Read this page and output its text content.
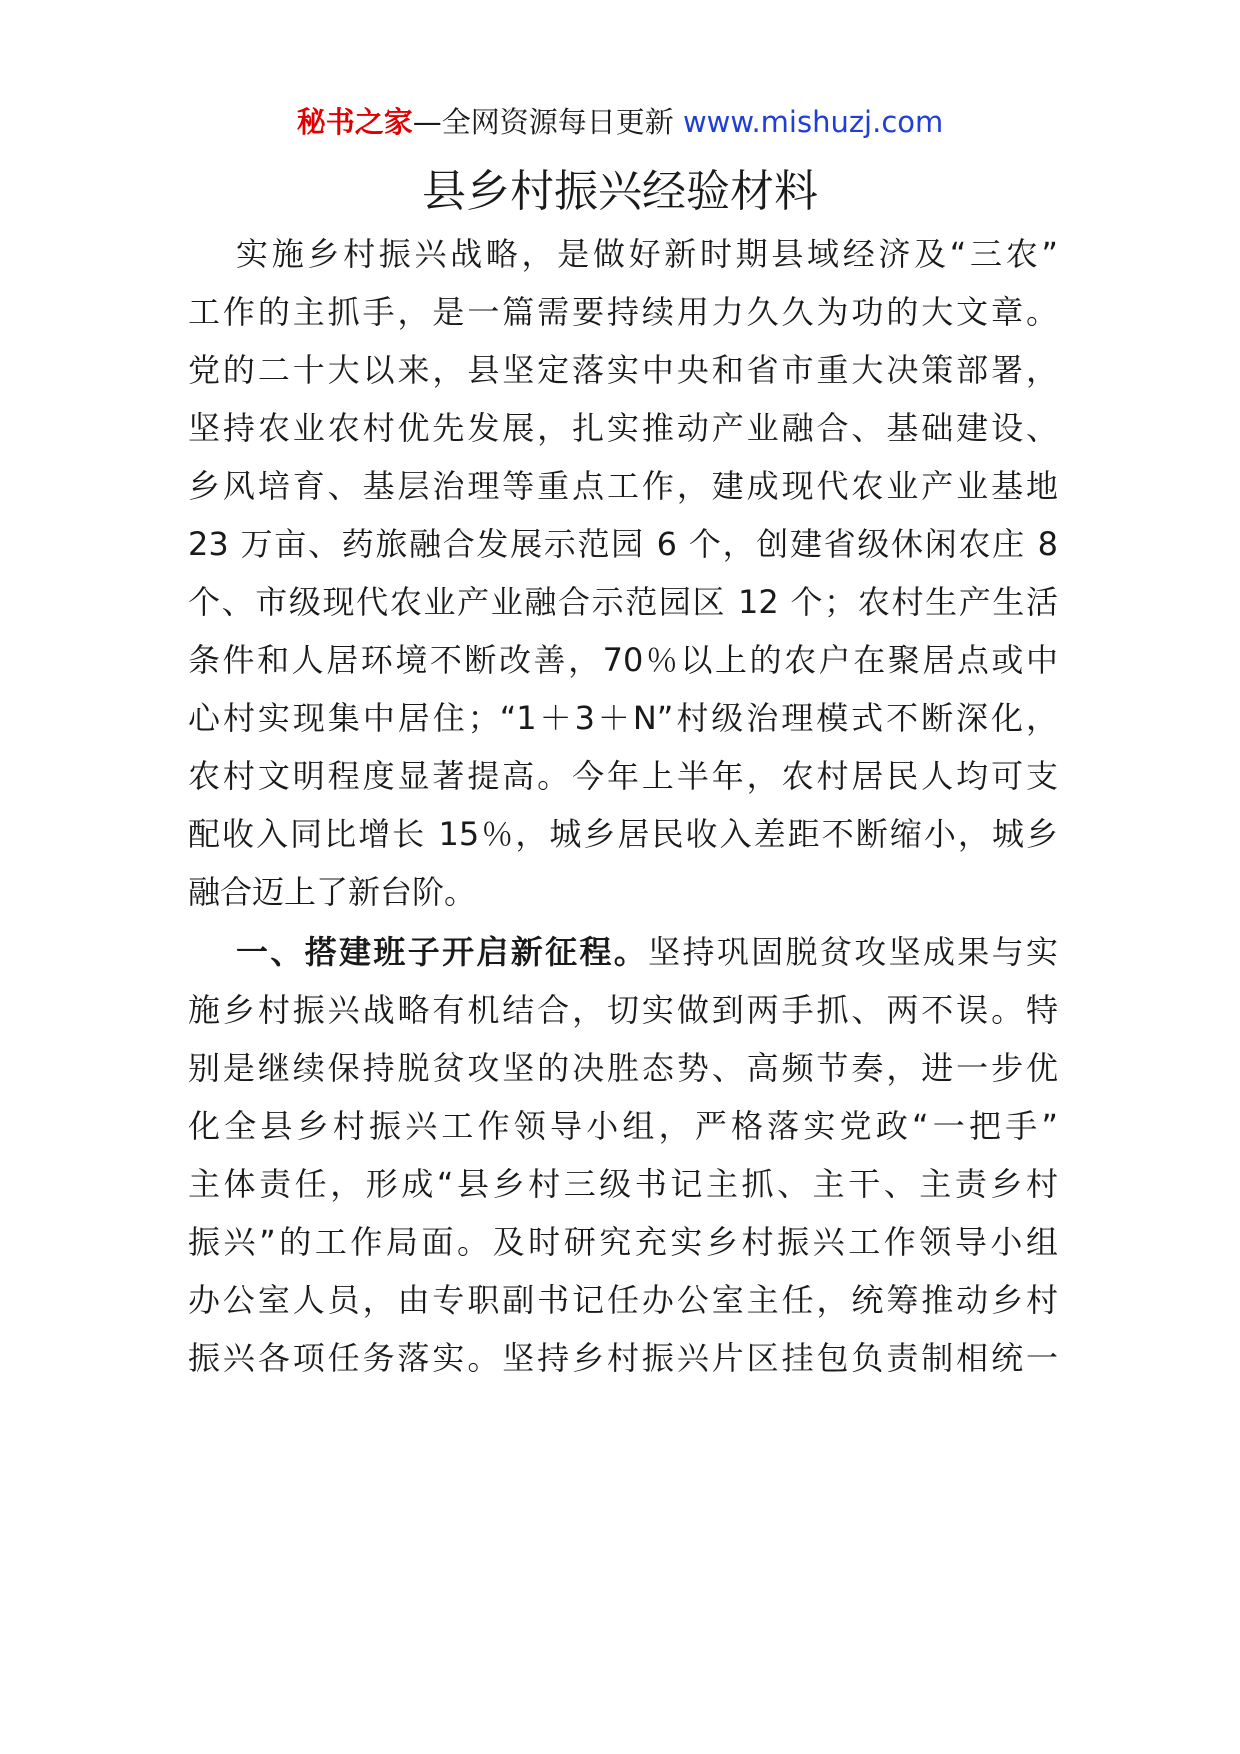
秘书之家—全网资源每日更新 www.mishuzj.com
县乡村振兴经验材料
实施乡村振兴战略，是做好新时期县域经济及“三农”
工作的主抓手，是一篇需要持续用力久久为功的大文章。
党的二十大以来，县坚定落实中央和省市重大决策部署，
坚持农业农村优先发展，扎实推动产业融合、基础建设、
乡风培育、基层治理等重点工作，建成现代农业产业基地
23 万亩、药旅融合发展示范园 6 个，创建省级休闲农庄 8
个、市级现代农业产业融合示范园区 12 个；农村生产生活
条件和人居环境不断改善，70％以上的农户在聚居点或中
心村实现集中居住；“1＋3＋N”村级治理模式不断深化，
农村文明程度显著提高。今年上半年，农村居民人均可支
配收入同比增长 15％，城乡居民收入差距不断缩小，城乡
融合迈上了新台阶。
一、搭建班子开启新征程。坚持巩固脱贫攻坚成果与实
施乡村振兴战略有机结合，切实做到两手抓、两不误。特
别是继续保持脱贫攻坚的决胜态势、高频节奏，进一步优
化全县乡村振兴工作领导小组，严格落实党政“一把手”
主体责任，形成“县乡村三级书记主抓、主干、主责乡村
振兴”的工作局面。及时研究充实乡村振兴工作领导小组
办公室人员，由专职副书记任办公室主任，统筹推动乡村
振兴各项任务落实。坚持乡村振兴片区挂包负责制相统一
